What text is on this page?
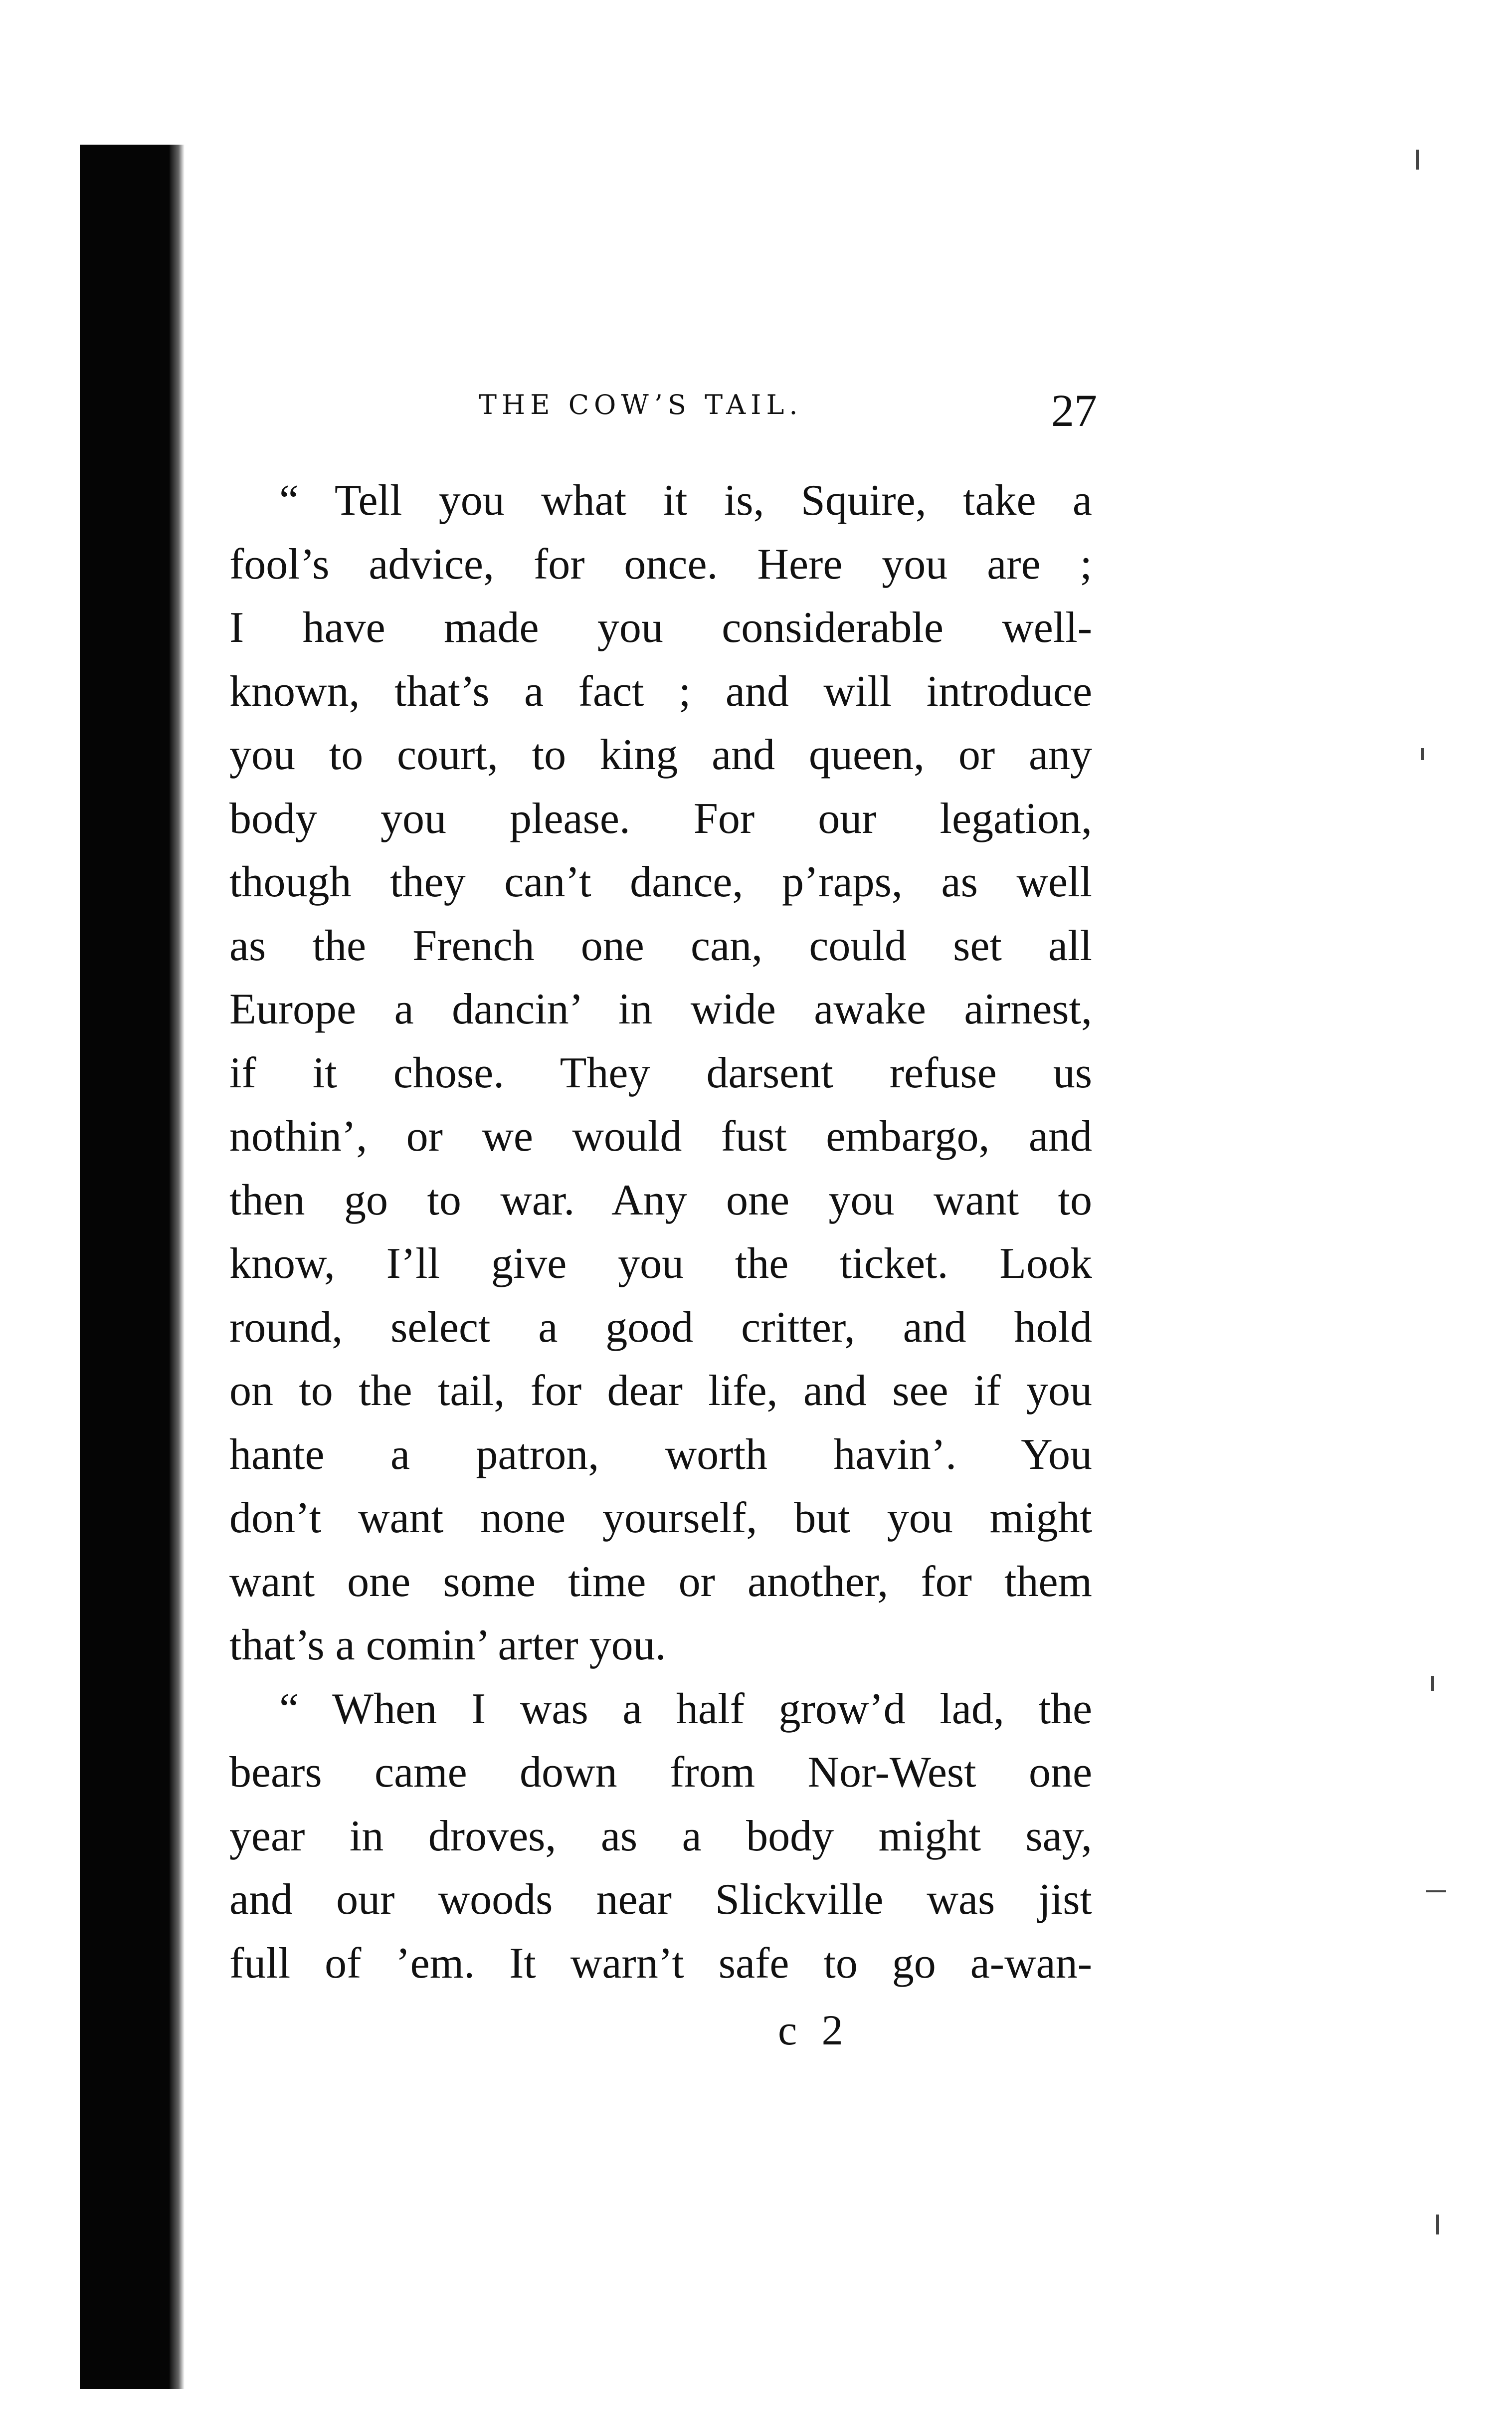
THE COW’S TAIL.	27
“ Tell you what it is, Squire, take a
fool’s advice, for once. Here you are ;
I have made you considerable well-
known, that’s a fact ; and will introduce
you to court, to king and queen, or any
body you please. For our legation,
though they can’t dance, p’raps, as well
as the French one can, could set all
Europe a dancin’ in wide awake airnest,
if it chose. They darsent refuse us
nothin’, or we would fust embargo, and
then go to war. Any one you want to
know, I’ll give you the ticket. Look
round, select a good critter, and hold
on to the tail, for dear life, and see if you
hante a patron, worth havin’. You
don’t want none yourself, but you might
want one some time or another, for them
that’s a comin’ arter you.
“ When I was a half grow’d lad, the
bears came down from Nor-West one
year in droves, as a body might say,
and our woods near Slickville was jist
full of ’em. It warn’t safe to go a-wan-
c 2
